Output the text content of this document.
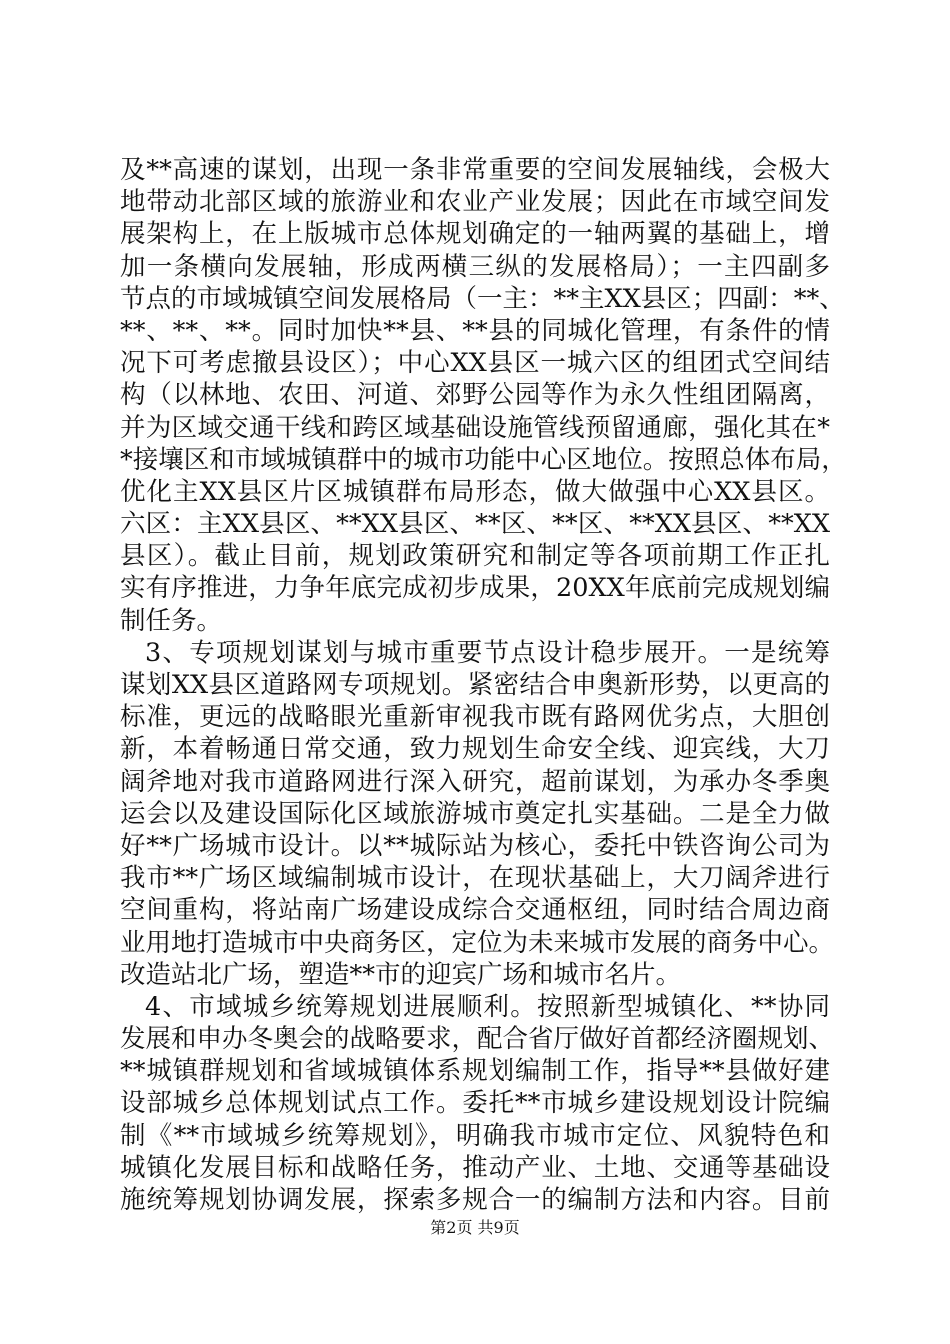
及**高速的谋划，出现一条非常重要的空间发展轴线，会极大
地带动北部区域的旅游业和农业产业发展；因此在市域空间发
展架构上，在上版城市总体规划确定的一轴两翼的基础上，增
加一条横向发展轴，形成两横三纵的发展格局）；一主四副多
节点的市域城镇空间发展格局（一主：**主XX县区；四副：**、
**、**、**。同时加快**县、**县的同城化管理，有条件的情
况下可考虑撤县设区）；中心XX县区一城六区的组团式空间结
构（以林地、农田、河道、郊野公园等作为永久性组团隔离，
并为区域交通干线和跨区域基础设施管线预留通廊，强化其在*
*接壤区和市域城镇群中的城市功能中心区地位。按照总体布局，
优化主XX县区片区城镇群布局形态，做大做强中心XX县区。
六区：主XX县区、**XX县区、**区、**区、**XX县区、**XX
县区）。截止目前，规划政策研究和制定等各项前期工作正扎
实有序推进，力争年底完成初步成果，20XX年底前完成规划编
制任务。
3、专项规划谋划与城市重要节点设计稳步展开。一是统筹
谋划XX县区道路网专项规划。紧密结合申奥新形势，以更高的
标准，更远的战略眼光重新审视我市既有路网优劣点，大胆创
新，本着畅通日常交通，致力规划生命安全线、迎宾线，大刀
阔斧地对我市道路网进行深入研究，超前谋划，为承办冬季奥
运会以及建设国际化区域旅游城市奠定扎实基础。二是全力做
好**广场城市设计。以**城际站为核心，委托中铁咨询公司为
我市**广场区域编制城市设计，在现状基础上，大刀阔斧进行
空间重构，将站南广场建设成综合交通枢纽，同时结合周边商
业用地打造城市中央商务区，定位为未来城市发展的商务中心。
改造站北广场，塑造**市的迎宾广场和城市名片。
4、市域城乡统筹规划进展顺利。按照新型城镇化、**协同
发展和申办冬奥会的战略要求，配合省厅做好首都经济圈规划、
**城镇群规划和省域城镇体系规划编制工作，指导**县做好建
设部城乡总体规划试点工作。委托**市城乡建设规划设计院编
制《**市域城乡统筹规划》，明确我市城市定位、风貌特色和
城镇化发展目标和战略任务，推动产业、土地、交通等基础设
施统筹规划协调发展，探索多规合一的编制方法和内容。目前
第2页 共9页
